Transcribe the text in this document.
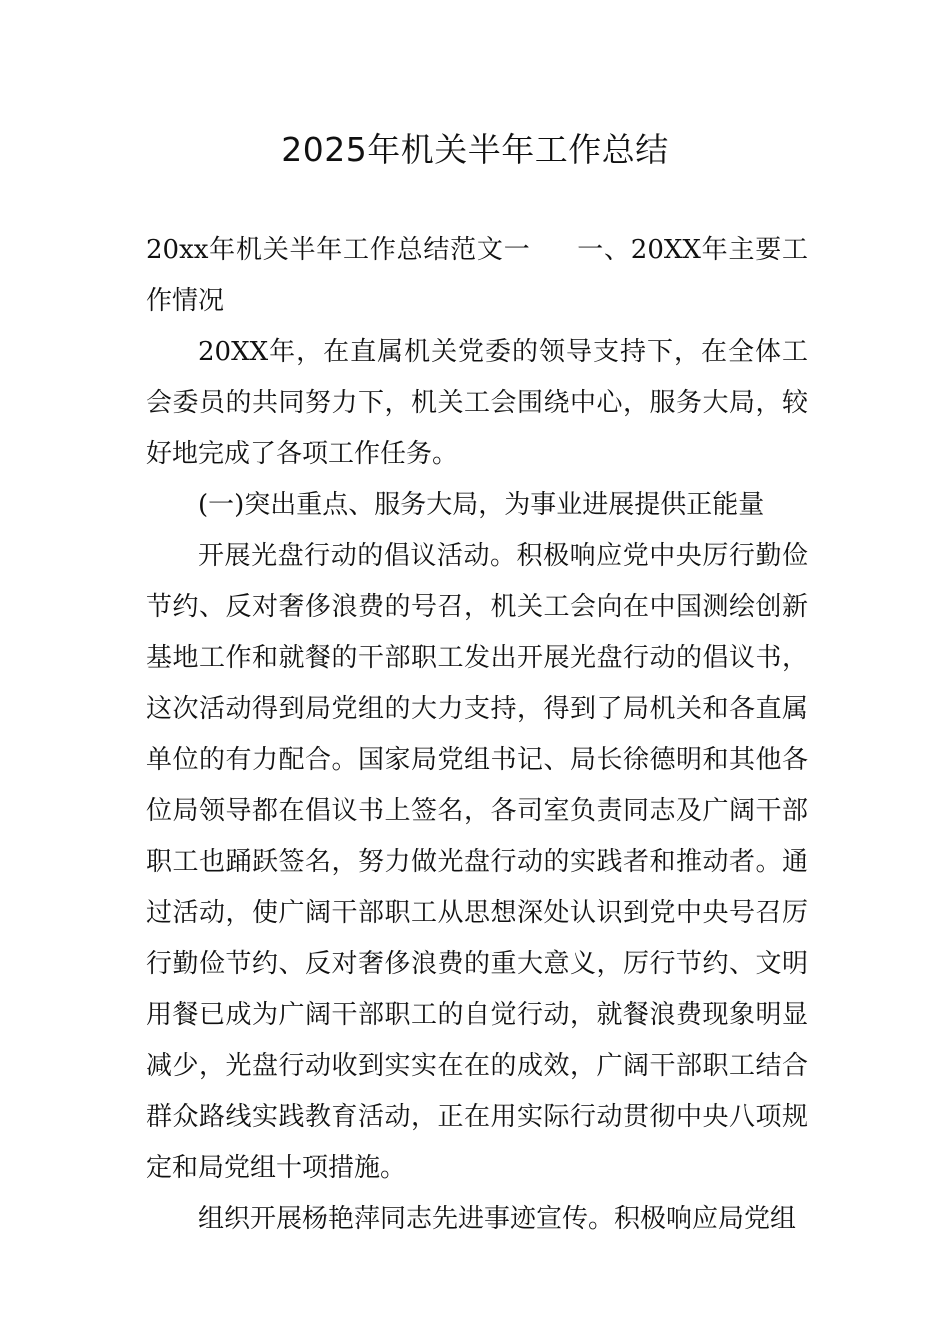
2025年机关半年工作总结

20xx年机关半年工作总结范文一 一、20XX年主要工作情况

20XX年，在直属机关党委的领导支持下，在全体工会委员的共同努力下，机关工会围绕中心，服务大局，较好地完成了各项工作任务。

(一)突出重点、服务大局，为事业进展提供正能量

开展光盘行动的倡议活动。积极响应党中央厉行勤俭节约、反对奢侈浪费的号召，机关工会向在中国测绘创新基地工作和就餐的干部职工发出开展光盘行动的倡议书，这次活动得到局党组的大力支持，得到了局机关和各直属单位的有力配合。国家局党组书记、局长徐德明和其他各位局领导都在倡议书上签名，各司室负责同志及广阔干部职工也踊跃签名，努力做光盘行动的实践者和推动者。通过活动，使广阔干部职工从思想深处认识到党中央号召厉行勤俭节约、反对奢侈浪费的重大意义，厉行节约、文明用餐已成为广阔干部职工的自觉行动，就餐浪费现象明显减少，光盘行动收到实实在在的成效，广阔干部职工结合群众路线实践教育活动，正在用实际行动贯彻中央八项规定和局党组十项措施。

组织开展杨艳萍同志先进事迹宣传。积极响应局党组
